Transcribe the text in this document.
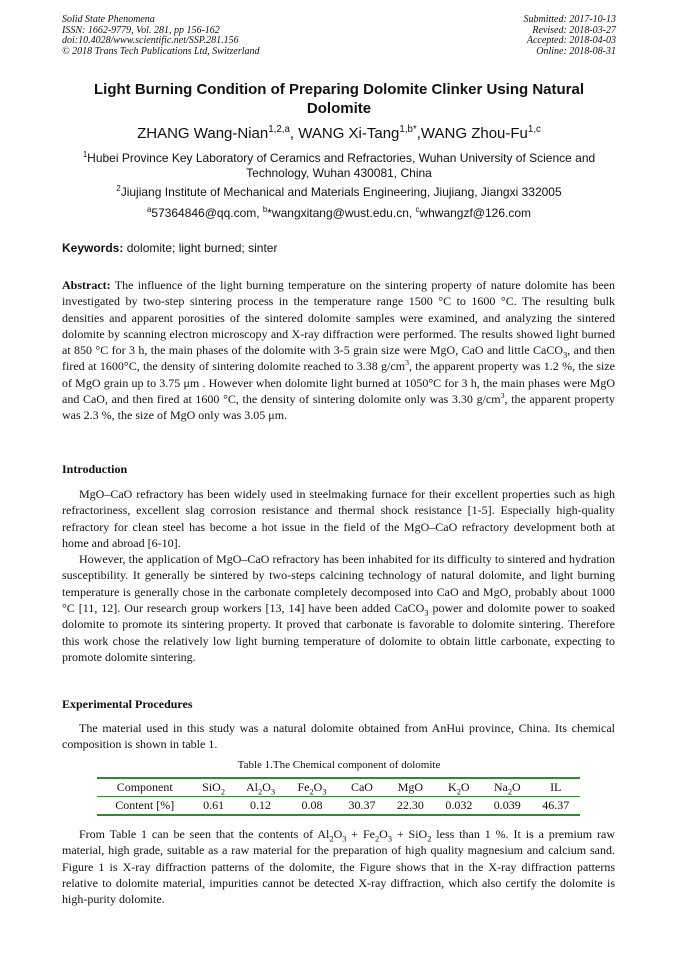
Solid State Phenomena
ISSN: 1662-9779, Vol. 281, pp 156-162
doi:10.4028/www.scientific.net/SSP.281.156
© 2018 Trans Tech Publications Ltd, Switzerland
Submitted: 2017-10-13
Revised: 2018-03-27
Accepted: 2018-04-03
Online: 2018-08-31
Light Burning Condition of Preparing Dolomite Clinker Using Natural Dolomite
ZHANG Wang-Nian$^{1,2,a}$, WANG Xi-Tang$^{1,b*}$,WANG Zhou-Fu$^{1,c}$
$^1$Hubei Province Key Laboratory of Ceramics and Refractories, Wuhan University of Science and Technology, Wuhan 430081, China
$^2$Jiujiang Institute of Mechanical and Materials Engineering, Jiujiang, Jiangxi 332005
$^a$57364846@qq.com, $^b$*wangxitang@wust.edu.cn, $^c$whwangzf@126.com
Keywords: dolomite; light burned; sinter
Abstract: The influence of the light burning temperature on the sintering property of nature dolomite has been investigated by two-step sintering process in the temperature range 1500 °C to 1600 °C. The resulting bulk densities and apparent porosities of the sintered dolomite samples were examined, and analyzing the sintered dolomite by scanning electron microscopy and X-ray diffraction were performed. The results showed light burned at 850 °C for 3 h, the main phases of the dolomite with 3-5 grain size were MgO, CaO and little CaCO$_3$, and then fired at 1600°C, the density of sintering dolomite reached to 3.38 $g/cm^3$, the apparent property was 1.2 %, the size of MgO grain up to 3.75 μm . However when dolomite light burned at 1050°C for 3 h, the main phases were MgO and CaO, and then fired at 1600 °C, the density of sintering dolomite only was 3.30 $g/cm^3$, the apparent property was 2.3 %, the size of MgO only was 3.05 μm.
Introduction

MgO–CaO refractory has been widely used in steelmaking furnace for their excellent properties such as high refractoriness, excellent slag corrosion resistance and thermal shock resistance [1-5]. Especially high-quality refractory for clean steel has become a hot issue in the field of the MgO–CaO refractory development both at home and abroad [6-10].

However, the application of MgO–CaO refractory has been inhabited for its difficulty to sintered and hydration susceptibility. It generally be sintered by two-steps calcining technology of natural dolomite, and light burning temperature is generally chose in the carbonate completely decomposed into CaO and MgO, probably about 1000 °C [11, 12]. Our research group workers [13, 14] have been added CaCO$_3$ power and dolomite power to soaked dolomite to promote its sintering property. It proved that carbonate is favorable to dolomite sintering. Therefore this work chose the relatively low light burning temperature of dolomite to obtain little carbonate, expecting to promote dolomite sintering.

Experimental Procedures

The material used in this study was a natural dolomite obtained from AnHui province, China. Its chemical composition is shown in table 1.

Table 1.The Chemical component of dolomite
Component	SiO$_2$	$Al_2O_3$	$Fe_2O_3$	CaO	MgO	$K_2O$	$Na_2O$	IL
Content [%]	0.61	0.12	0.08	30.37	22.30	0.032	0.039	46.37

From Table 1 can be seen that the contents of $Al_2O_3 + Fe_2O_3 + SiO_2$ less than 1 %. It is a premium raw material, high grade, suitable as a raw material for the preparation of high quality magnesium and calcium sand. Figure 1 is X-ray diffraction patterns of the dolomite, the Figure shows that in the X-ray diffraction patterns relative to dolomite material, impurities cannot be detected X-ray diffraction, which also certify the dolomite is high-purity dolomite.
